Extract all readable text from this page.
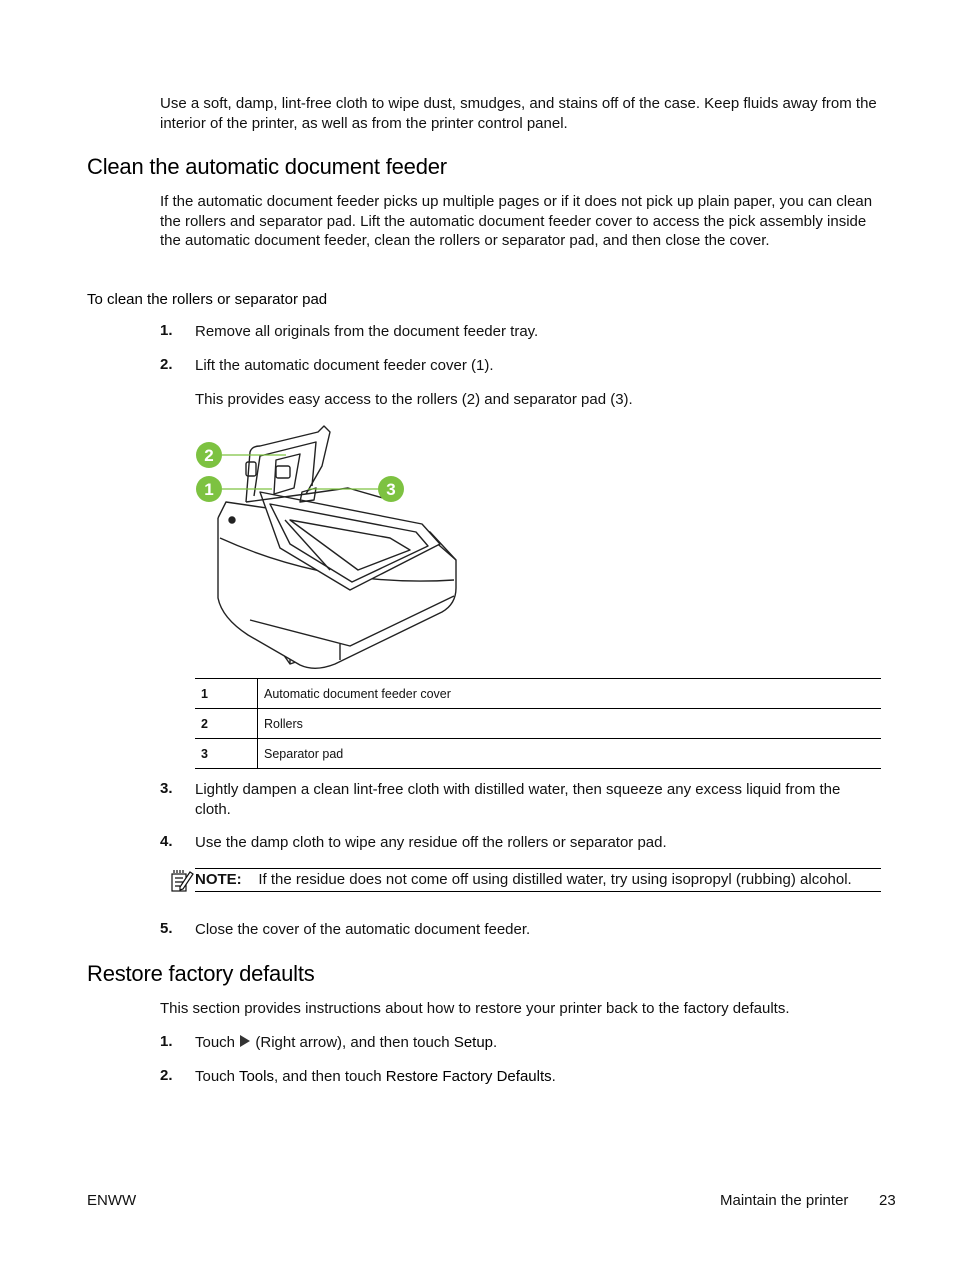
Use a soft, damp, lint-free cloth to wipe dust, smudges, and stains off of the case. Keep fluids away from the interior of the printer, as well as from the printer control panel.

Clean the automatic document feeder

If the automatic document feeder picks up multiple pages or if it does not pick up plain paper, you can clean the rollers and separator pad. Lift the automatic document feeder cover to access the pick assembly inside the automatic document feeder, clean the rollers or separator pad, and then close the cover.

To clean the rollers or separator pad
1. Remove all originals from the document feeder tray.
2. Lift the automatic document feeder cover (1).
This provides easy access to the rollers (2) and separator pad (3).
2
1	3
1	Automatic document feeder cover
2	Rollers
3	Separator pad
3. Lightly dampen a clean lint-free cloth with distilled water, then squeeze any excess liquid from the cloth.
4. Use the damp cloth to wipe any residue off the rollers or separator pad.
NOTE: If the residue does not come off using distilled water, try using isopropyl (rubbing) alcohol.
5. Close the cover of the automatic document feeder.
Restore factory defaults

This section provides instructions about how to restore your printer back to the factory defaults.

1. Touch (Right arrow), and then touch Setup.
2. Touch Tools, and then touch Restore Factory Defaults.
ENWW	Maintain the printer 23
